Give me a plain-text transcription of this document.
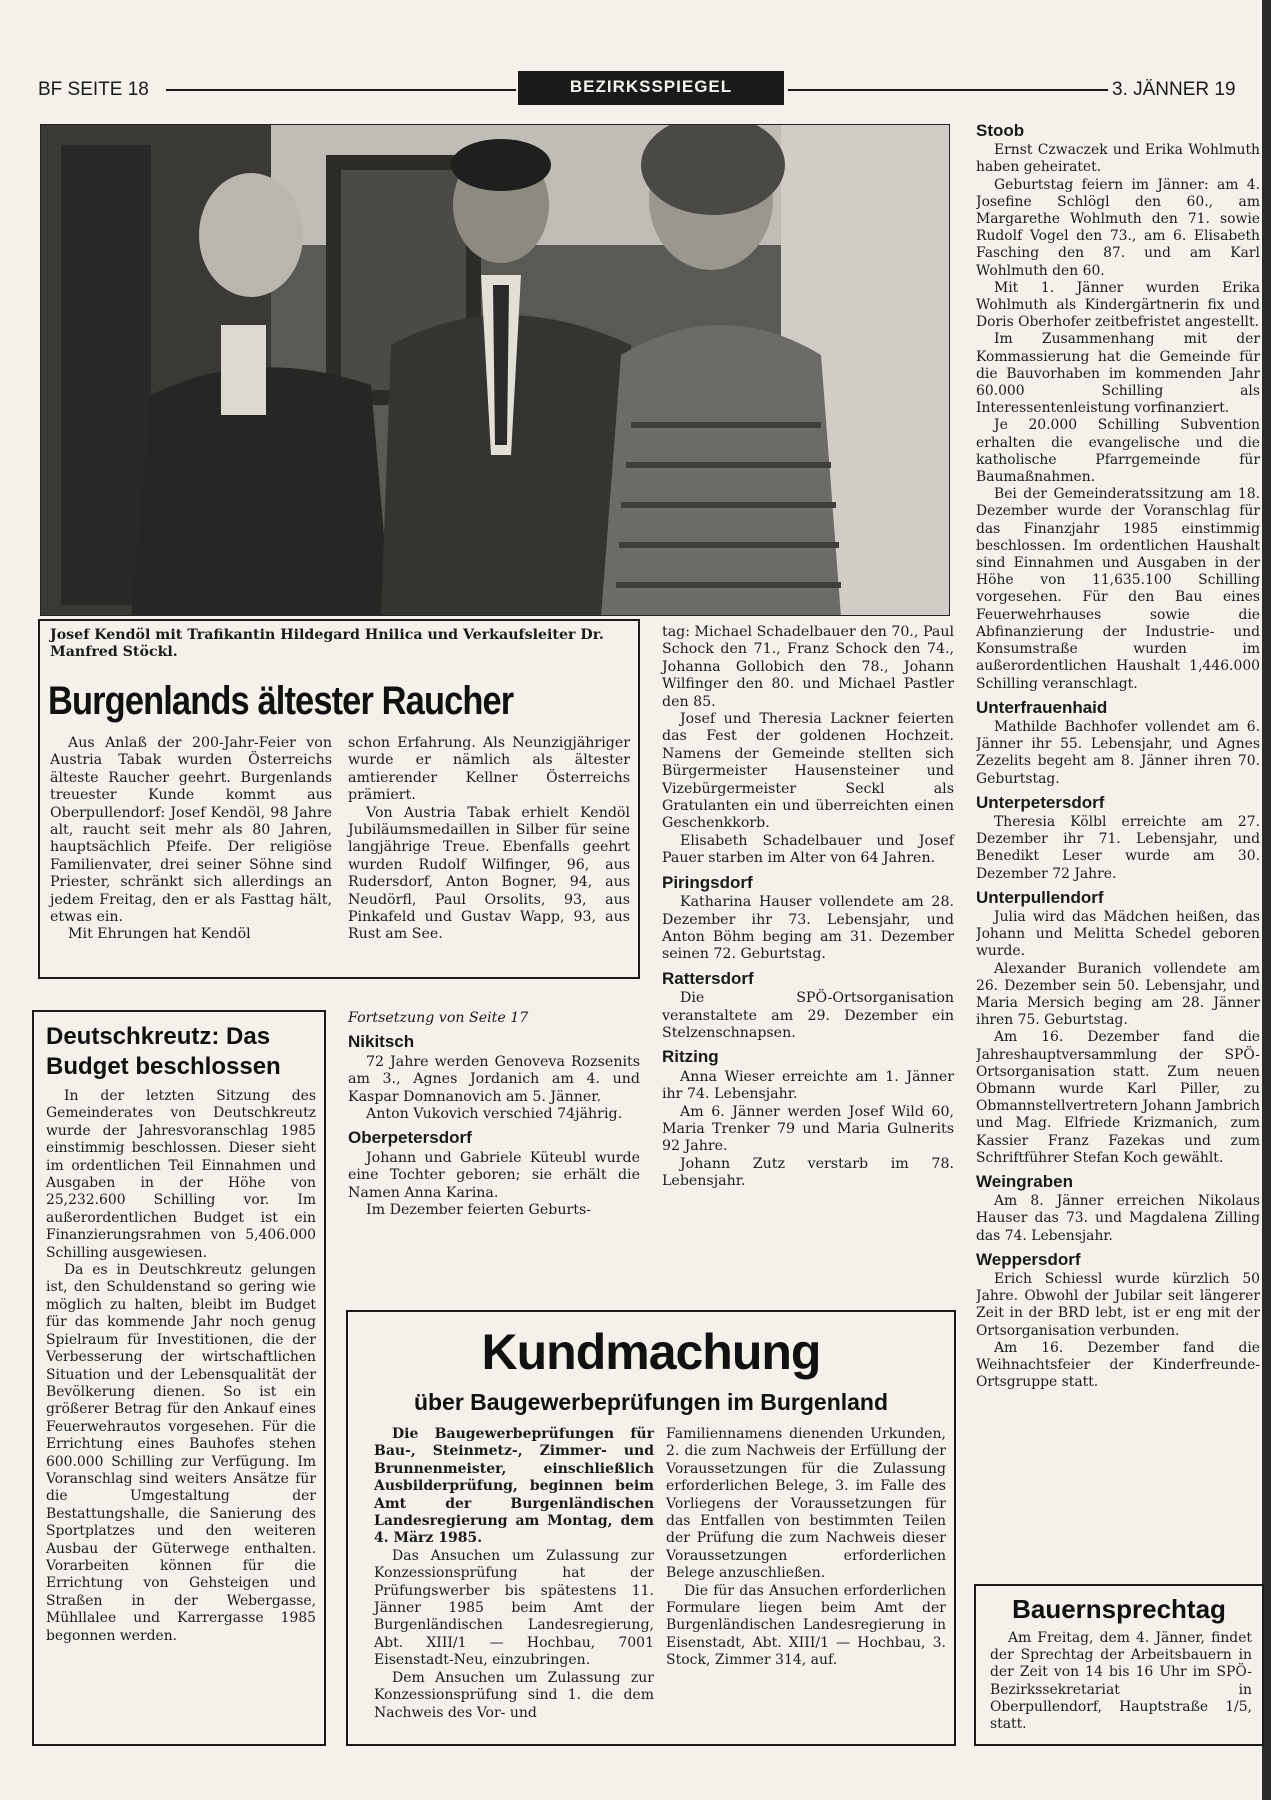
BF SEITE 18	BEZIRKSSPIEGEL	3. JÄNNER 19
Josef Kendöl mit Trafikantin Hildegard Hnilica und Verkaufsleiter Dr. Manfred Stöckl.
Burgenlands ältester Raucher

Aus Anlaß der 200-Jahr-Feier von Austria Tabak wurden Österreichs älteste Raucher geehrt. Burgenlands treuester Kunde kommt aus Oberpullendorf: Josef Kendöl, 98 Jahre alt, raucht seit mehr als 80 Jahren, hauptsächlich Pfeife. Der religiöse Familienvater, drei seiner Söhne sind Priester, schränkt sich allerdings an jedem Freitag, den er als Fasttag hält, etwas ein.

Mit Ehrungen hat Kendöl

schon Erfahrung. Als Neunzigjähriger wurde er nämlich als ältester amtierender Kellner Österreichs prämiert.

Von Austria Tabak erhielt Kendöl Jubiläumsmedaillen in Silber für seine langjährige Treue. Ebenfalls geehrt wurden Rudolf Wilfinger, 96, aus Rudersdorf, Anton Bogner, 94, aus Neudörfl, Paul Orsolits, 93, aus Pinkafeld und Gustav Wapp, 93, aus Rust am See.

tag: Michael Schadelbauer den 70., Paul Schock den 71., Franz Schock den 74., Johanna Gollobich den 78., Johann Wilfinger den 80. und Michael Pastler den 85.

Josef und Theresia Lackner feierten das Fest der goldenen Hochzeit. Namens der Gemeinde stellten sich Bürgermeister Hausensteiner und Vizebürgermeister Seckl als Gratulanten ein und überreichten einen Geschenkkorb.

Elisabeth Schadelbauer und Josef Pauer starben im Alter von 64 Jahren.

Piringsdorf

Katharina Hauser vollendete am 28. Dezember ihr 73. Lebensjahr, und Anton Böhm beging am 31. Dezember seinen 72. Geburtstag.

Rattersdorf

Die SPÖ-Ortsorganisation veranstaltete am 29. Dezember ein Stelzenschnapsen.

Ritzing

Anna Wieser erreichte am 1. Jänner ihr 74. Lebensjahr.

Am 6. Jänner werden Josef Wild 60, Maria Trenker 79 und Maria Gulnerits 92 Jahre.

Johann Zutz verstarb im 78. Lebensjahr.

Fortsetzung von Seite 17

Nikitsch

72 Jahre werden Genoveva Rozsenits am 3., Agnes Jordanich am 4. und Kaspar Domnanovich am 5. Jänner.

Anton Vukovich verschied 74jährig.

Oberpetersdorf

Johann und Gabriele Küteubl wurde eine Tochter geboren; sie erhält die Namen Anna Karina.

Im Dezember feierten Geburts-

Deutschkreutz: Das Budget beschlossen

In der letzten Sitzung des Gemeinderates von Deutschkreutz wurde der Jahresvoranschlag 1985 einstimmig beschlossen. Dieser sieht im ordentlichen Teil Einnahmen und Ausgaben in der Höhe von 25,232.600 Schilling vor. Im außerordentlichen Budget ist ein Finanzierungsrahmen von 5,406.000 Schilling ausgewiesen.

Da es in Deutschkreutz gelungen ist, den Schuldenstand so gering wie möglich zu halten, bleibt im Budget für das kommende Jahr noch genug Spielraum für Investitionen, die der Verbesserung der wirtschaftlichen Situation und der Lebensqualität der Bevölkerung dienen. So ist ein größerer Betrag für den Ankauf eines Feuerwehrautos vorgesehen. Für die Errichtung eines Bauhofes stehen 600.000 Schilling zur Verfügung. Im Voranschlag sind weiters Ansätze für die Umgestaltung der Bestattungshalle, die Sanierung des Sportplatzes und den weiteren Ausbau der Güterwege enthalten. Vorarbeiten können für die Errichtung von Gehsteigen und Straßen in der Webergasse, Mühllalee und Karrergasse 1985 begonnen werden.

Kundmachung
über Baugewerbeprüfungen im Burgenland

Die Baugewerbeprüfungen für Bau-, Steinmetz-, Zimmer- und Brunnenmeister, einschließlich Ausbilderprüfung, beginnen beim Amt der Burgenländischen Landesregierung am Montag, dem 4. März 1985.

Das Ansuchen um Zulassung zur Konzessionsprüfung hat der Prüfungswerber bis spätestens 11. Jänner 1985 beim Amt der Burgenländischen Landesregierung, Abt. XIII/1 — Hochbau, 7001 Eisenstadt-Neu, einzubringen.

Dem Ansuchen um Zulassung zur Konzessionsprüfung sind 1. die dem Nachweis des Vor- und

Familiennamens dienenden Urkunden, 2. die zum Nachweis der Erfüllung der Voraussetzungen für die Zulassung erforderlichen Belege, 3. im Falle des Vorliegens der Voraussetzungen für das Entfallen von bestimmten Teilen der Prüfung die zum Nachweis dieser Voraussetzungen erforderlichen Belege anzuschließen.

Die für das Ansuchen erforderlichen Formulare liegen beim Amt der Burgenländischen Landesregierung in Eisenstadt, Abt. XIII/1 — Hochbau, 3. Stock, Zimmer 314, auf.

Stoob

Ernst Czwaczek und Erika Wohlmuth haben geheiratet.

Geburtstag feiern im Jänner: am 4. Josefine Schlögl den 60., am Margarethe Wohlmuth den 71. sowie Rudolf Vogel den 73., am 6. Elisabeth Fasching den 87. und am Karl Wohlmuth den 60.

Mit 1. Jänner wurden Erika Wohlmuth als Kindergärtnerin fix und Doris Oberhofer zeitbefristet angestellt.

Im Zusammenhang mit der Kommassierung hat die Gemeinde für die Bauvorhaben im kommenden Jahr 60.000 Schilling als Interessentenleistung vorfinanziert.

Je 20.000 Schilling Subvention erhalten die evangelische und die katholische Pfarrgemeinde für Baumaßnahmen.

Bei der Gemeinderatssitzung am 18. Dezember wurde der Voranschlag für das Finanzjahr 1985 einstimmig beschlossen. Im ordentlichen Haushalt sind Einnahmen und Ausgaben in der Höhe von 11,635.100 Schilling vorgesehen. Für den Bau eines Feuerwehrhauses sowie die Abfinanzierung der Industrie- und Konsumstraße wurden im außerordentlichen Haushalt 1,446.000 Schilling veranschlagt.

Unterfrauenhaid

Mathilde Bachhofer vollendet am 6. Jänner ihr 55. Lebensjahr, und Agnes Zezelits begeht am 8. Jänner ihren 70. Geburtstag.

Unterpetersdorf

Theresia Kölbl erreichte am 27. Dezember ihr 71. Lebensjahr, und Benedikt Leser wurde am 30. Dezember 72 Jahre.

Unterpullendorf

Julia wird das Mädchen heißen, das Johann und Melitta Schedel geboren wurde.

Alexander Buranich vollendete am 26. Dezember sein 50. Lebensjahr, und Maria Mersich beging am 28. Jänner ihren 75. Geburtstag.

Am 16. Dezember fand die Jahreshauptversammlung der SPÖ-Ortsorganisation statt. Zum neuen Obmann wurde Karl Piller, zu Obmannstellvertretern Johann Jambrich und Mag. Elfriede Krizmanich, zum Kassier Franz Fazekas und zum Schriftführer Stefan Koch gewählt.

Weingraben

Am 8. Jänner erreichen Nikolaus Hauser das 73. und Magdalena Zilling das 74. Lebensjahr.

Weppersdorf

Erich Schiessl wurde kürzlich 50 Jahre. Obwohl der Jubilar seit längerer Zeit in der BRD lebt, ist er eng mit der Ortsorganisation verbunden.

Am 16. Dezember fand die Weihnachtsfeier der Kinderfreunde-Ortsgruppe statt.

Bauernsprechtag

Am Freitag, dem 4. Jänner, findet der Sprechtag der Arbeitsbauern in der Zeit von 14 bis 16 Uhr im SPÖ-Bezirkssekretariat in Oberpullendorf, Hauptstraße 1/5, statt.
